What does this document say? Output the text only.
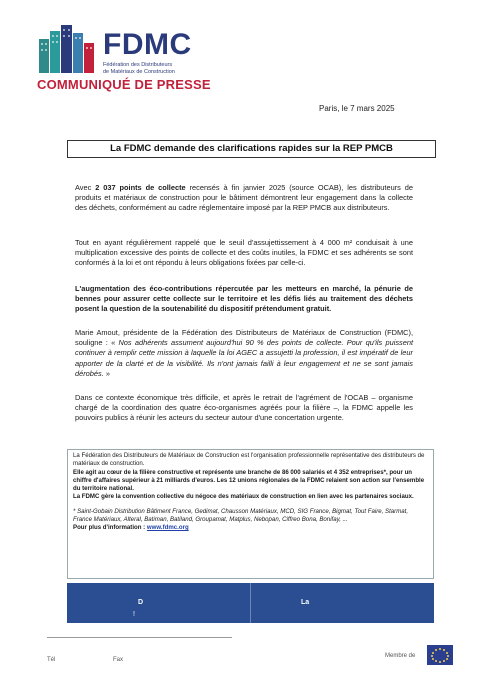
FDMC
Fédération des Distributeurs
de Matériaux de Construction
COMMUNIQUÉ DE PRESSE
Paris, le 7 mars 2025
La FDMC demande des clarifications rapides sur la REP PMCB
Avec 2 037 points de collecte recensés à fin janvier 2025 (source OCAB), les distributeurs de produits et matériaux de construction pour le bâtiment démontrent leur engagement dans la collecte des déchets, conformément au cadre réglementaire imposé par la REP PMCB aux distributeurs.
Tout en ayant régulièrement rappelé que le seuil d'assujettissement à 4 000 m² conduisait à une multiplication excessive des points de collecte et des coûts inutiles, la FDMC et ses adhérents se sont conformés à la loi et ont répondu à leurs obligations fixées par celle-ci.
L'augmentation des éco-contributions répercutée par les metteurs en marché, la pénurie de bennes pour assurer cette collecte sur le territoire et les défis liés au traitement des déchets posent la question de la soutenabilité du dispositif prétendument gratuit.
Marie Amout, présidente de la Fédération des Distributeurs de Matériaux de Construction (FDMC), souligne : « Nos adhérents assument aujourd'hui 90 % des points de collecte. Pour qu'ils puissent continuer à remplir cette mission à laquelle la loi AGEC a assujetti la profession, il est impératif de leur apporter de la clarté et de la visibilité. Ils n'ont jamais failli à leur engagement et ne se sont jamais dérobés. »
Dans ce contexte économique très difficile, et après le retrait de l'agrément de l'OCAB – organisme chargé de la coordination des quatre éco-organismes agréés pour la filière –, la FDMC appelle les pouvoirs publics à réunir les acteurs du secteur autour d'une concertation urgente.

La Fédération des Distributeurs de Matériaux de Construction est l'organisation professionnelle représentative des distributeurs de matériaux de construction.

Elle agit au cœur de la filière constructive et représente une branche de 86 000 salariés et 4 352 entreprises*, pour un chiffre d'affaires supérieur à 21 milliards d'euros. Les 12 unions régionales de la FDMC relaient son action sur l'ensemble du territoire national.

La FDMC gère la convention collective du négoce des matériaux de construction en lien avec les partenaires sociaux.

* Saint-Gobain Distribution Bâtiment France, Gedimat, Chausson Matériaux, MCD, SIG France, Bigmat, Tout Faire, Starmat, France Matériaux, Alteral, Batiman, Batiland, Groupamat, Matplus, Nebopan, Ciffreo Bona, Bonifay, ...

Pour plus d'information : www.fdmc.org

D
!
La
Tél	Fax
Membre de
